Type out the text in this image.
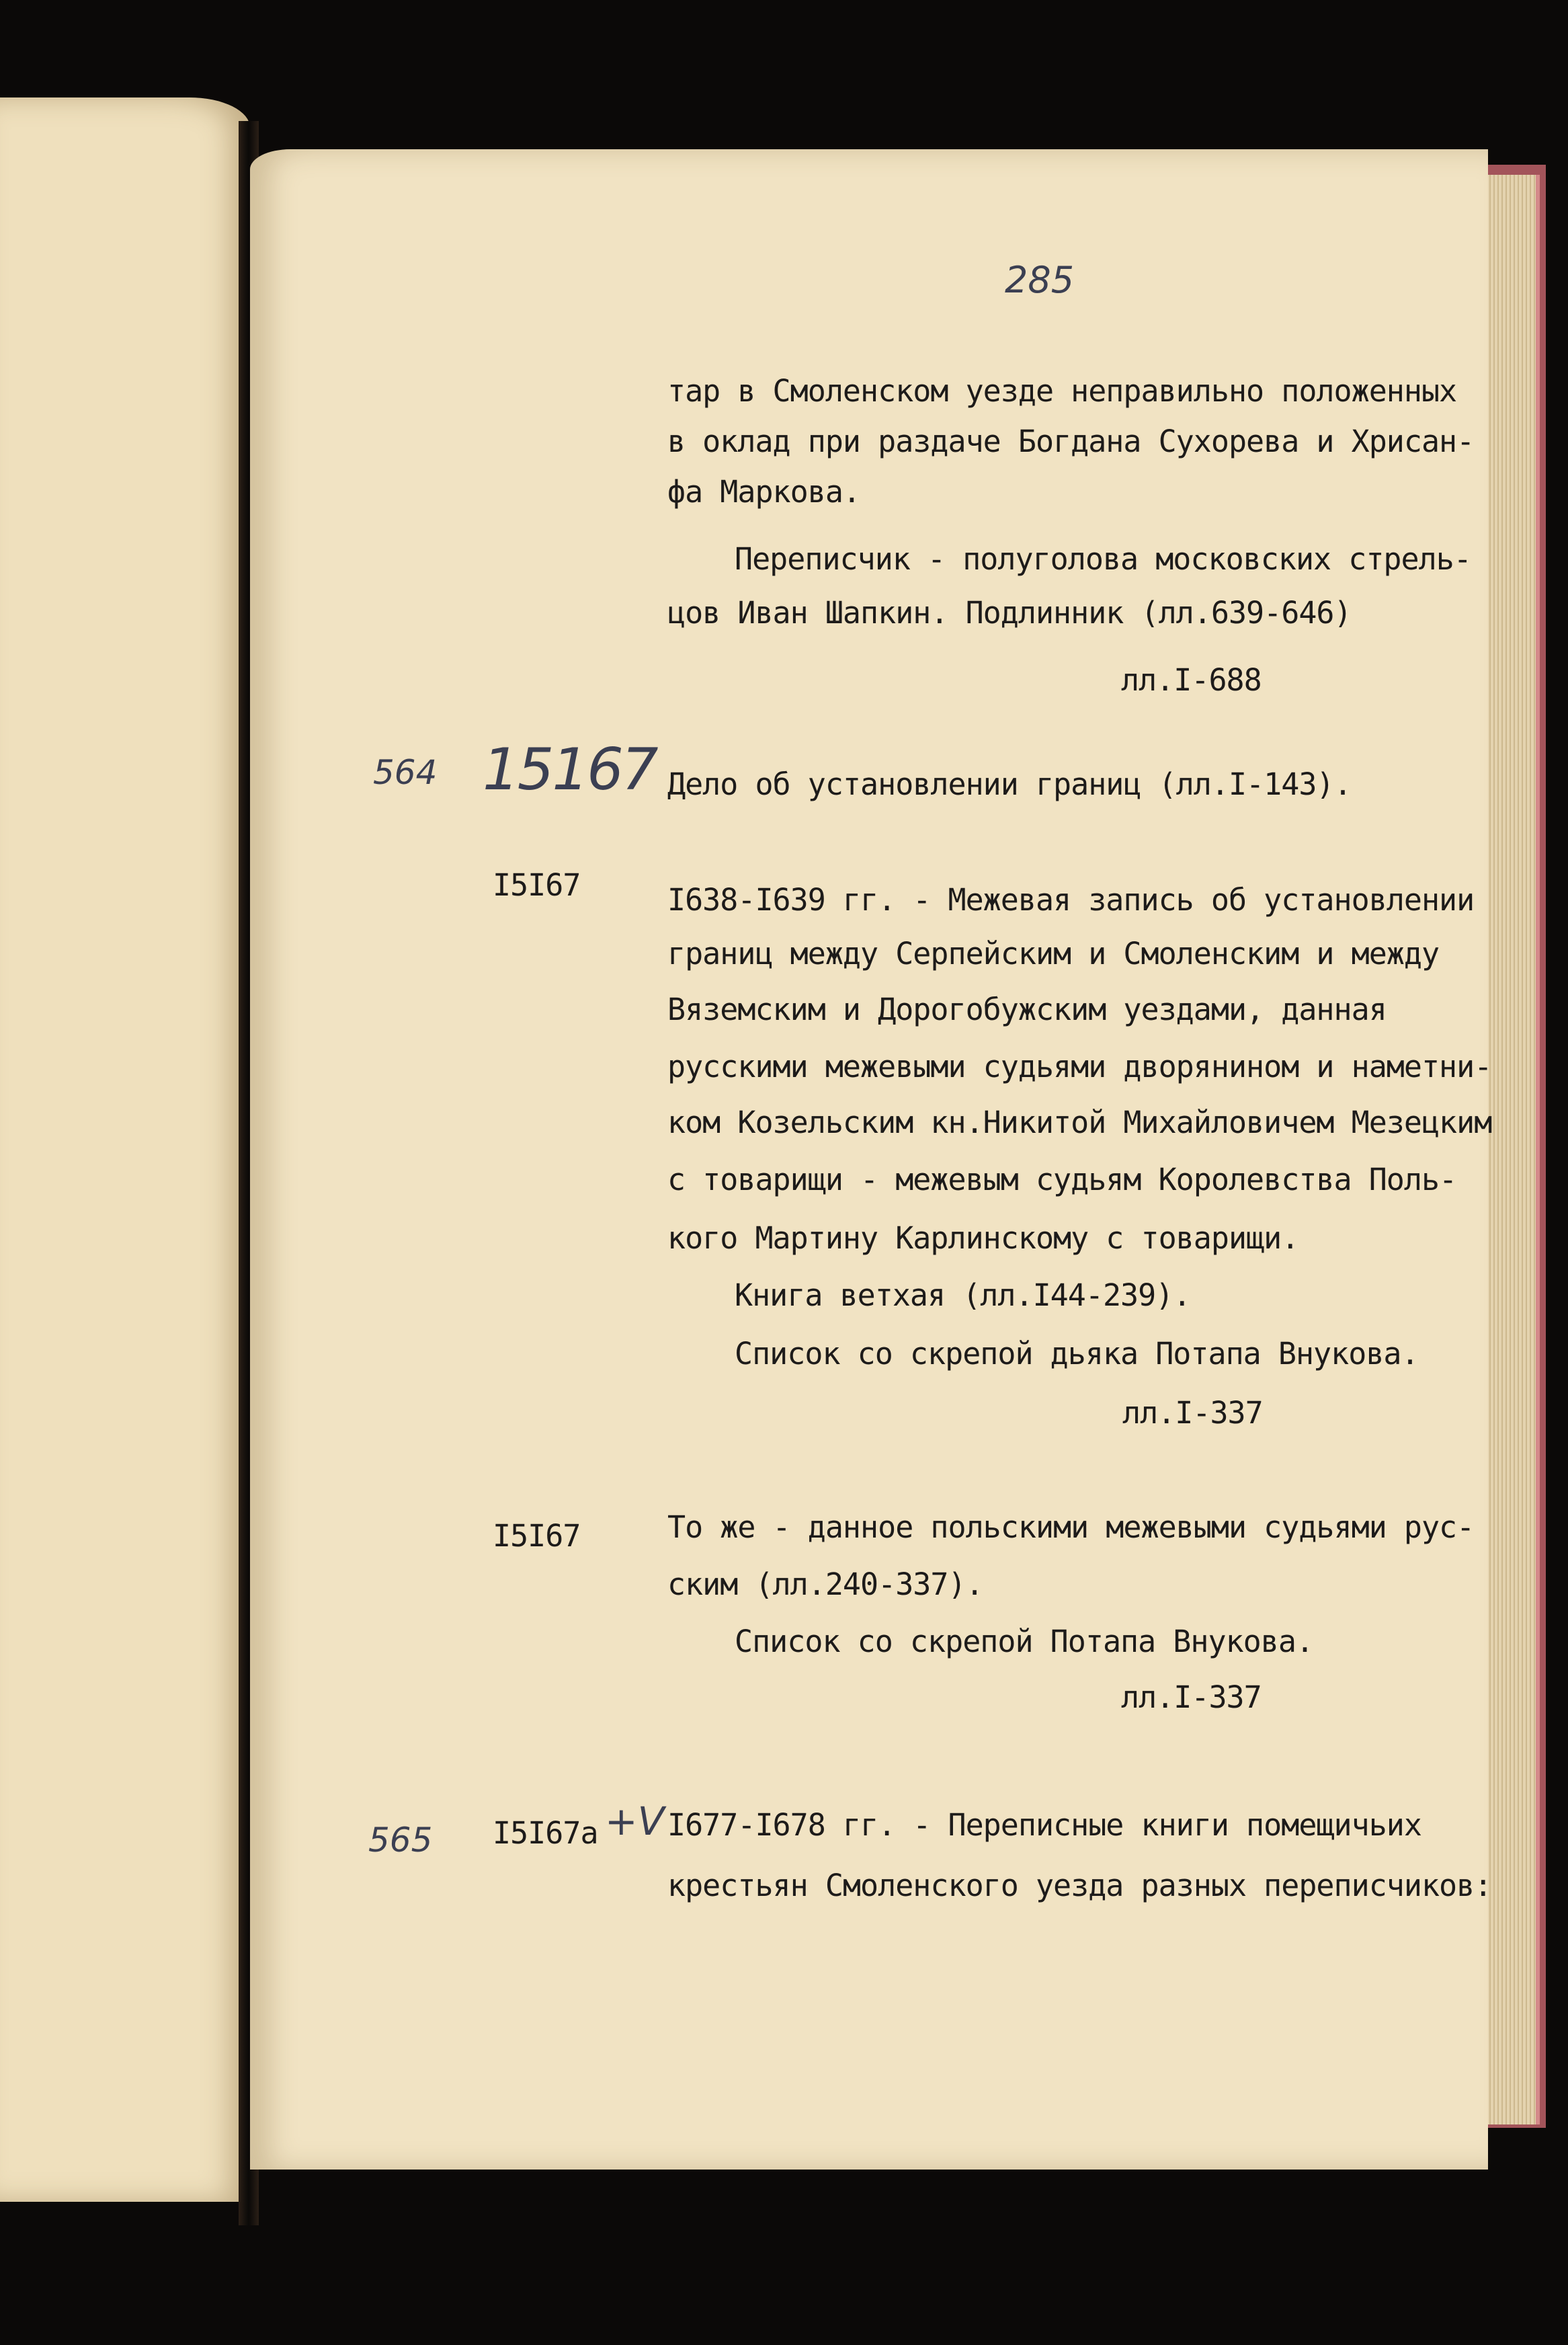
285
тар в Смоленском уезде неправильно положенных
в оклад при раздаче Богдана Сухорева и Хрисан-
фа Маркова.
Переписчик - полуголова московских стрель-
цов Иван Шапкин. Подлинник (лл.639-646)
лл.I-688
564 15167 Дело об установлении границ (лл.I-143).
I5I67	I638-I639 гг. - Межевая запись об установлении
границ между Серпейским и Смоленским и между
Вяземским и Дорогобужским уездами, данная
русскими межевыми судьями дворянином и наметни-
ком Козельским кн.Никитой Михайловичем Мезецким
с товарищи - межевым судьям Королевства Поль-
кого Мартину Карлинскому с товарищи.
Книга ветхая (лл.I44-239).
Список со скрепой дьяка Потапа Внукова.
лл.I-337
I5I67	То же - данное польскими межевыми судьями рус-
ским (лл.240-337).
Список со скрепой Потапа Внукова.
лл.I-337
565 I5I67а +V I677-I678 гг. - Переписные книги помещичьих
крестьян Смоленского уезда разных переписчиков:
